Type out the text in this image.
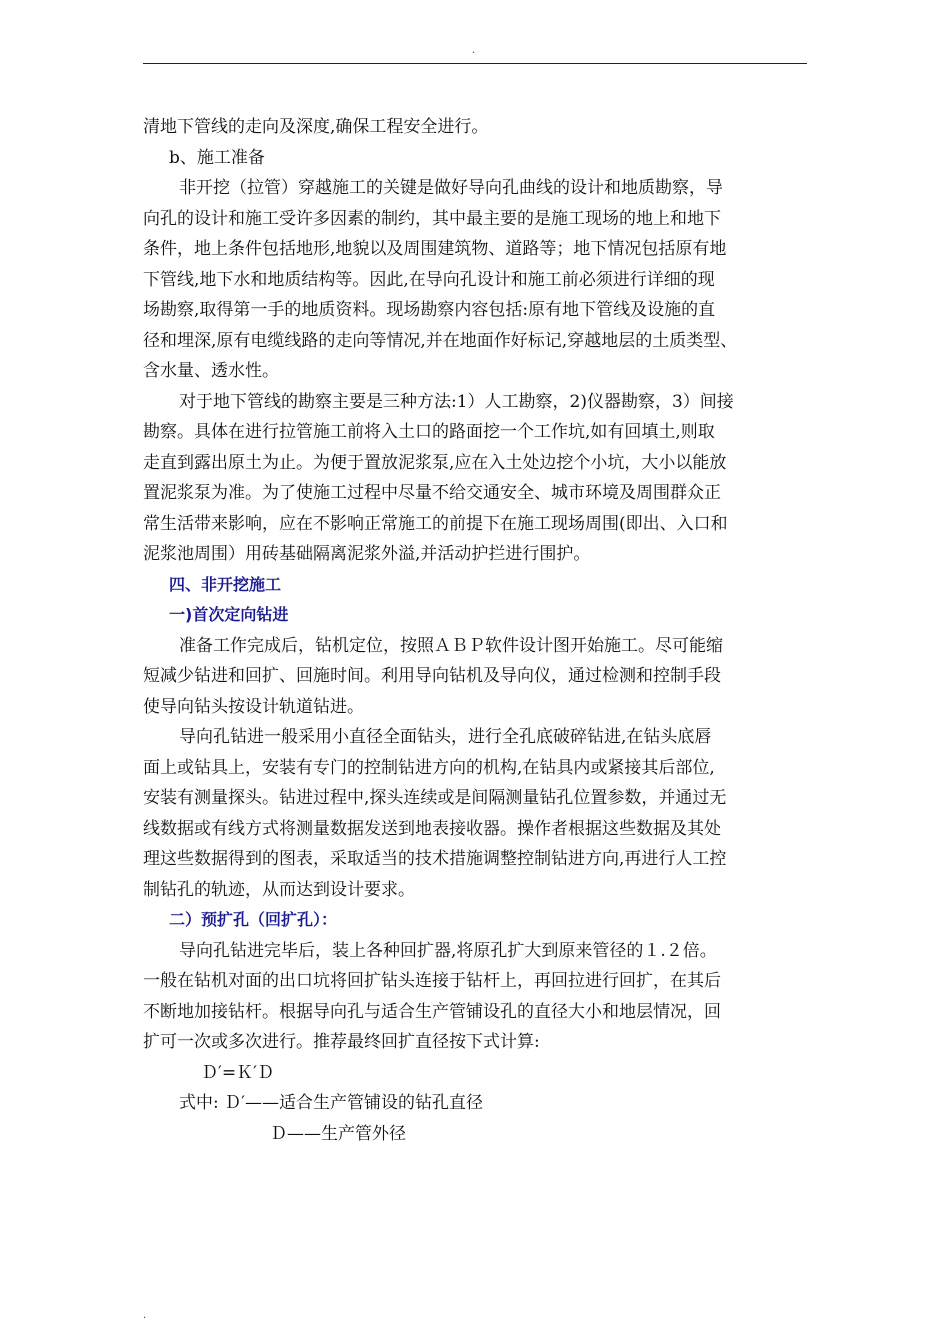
.
清地下管线的走向及深度,确保工程安全进行。
b、施工准备
非开挖（拉管）穿越施工的关键是做好导向孔曲线的设计和地质勘察，导
向孔的设计和施工受许多因素的制约，其中最主要的是施工现场的地上和地下
条件，地上条件包括地形,地貌以及周围建筑物、道路等；地下情况包括原有地
下管线,地下水和地质结构等。因此,在导向孔设计和施工前必须进行详细的现
场勘察,取得第一手的地质资料。现场勘察内容包括:原有地下管线及设施的直
径和埋深,原有电缆线路的走向等情况,并在地面作好标记,穿越地层的土质类型、
含水量、透水性。
对于地下管线的勘察主要是三种方法:1）人工勘察，2)仪器勘察，3）间接
勘察。具体在进行拉管施工前将入土口的路面挖一个工作坑,如有回填土,则取
走直到露出原土为止。为便于置放泥浆泵,应在入土处边挖个小坑，大小以能放
置泥浆泵为准。为了使施工过程中尽量不给交通安全、城市环境及周围群众正
常生活带来影响，应在不影响正常施工的前提下在施工现场周围(即出、入口和
泥浆池周围）用砖基础隔离泥浆外溢,并活动护拦进行围护。
四、非开挖施工
一)首次定向钻进
准备工作完成后，钻机定位，按照ＡＢＰ软件设计图开始施工。尽可能缩
短减少钻进和回扩、回施时间。利用导向钻机及导向仪，通过检测和控制手段
使导向钻头按设计轨道钻进。
导向孔钻进一般采用小直径全面钻头，进行全孔底破碎钻进,在钻头底唇
面上或钻具上，安装有专门的控制钻进方向的机构,在钻具内或紧接其后部位,
安装有测量探头。钻进过程中,探头连续或是间隔测量钻孔位置参数，并通过无
线数据或有线方式将测量数据发送到地表接收器。操作者根据这些数据及其处
理这些数据得到的图表，采取适当的技术措施调整控制钻进方向,再进行人工控
制钻孔的轨迹，从而达到设计要求。
二）预扩孔（回扩孔）：
导向孔钻进完毕后，装上各种回扩器,将原孔扩大到原来管径的１.２倍。
一般在钻机对面的出口坑将回扩钻头连接于钻杆上，再回拉进行回扩，在其后
不断地加接钻杆。根据导向孔与适合生产管铺设孔的直径大小和地层情况，回
扩可一次或多次进行。推荐最终回扩直径按下式计算:
Ｄ′=Ｋ′Ｄ
式中: Ｄ′——适合生产管铺设的钻孔直径
Ｄ——生产管外径
.
